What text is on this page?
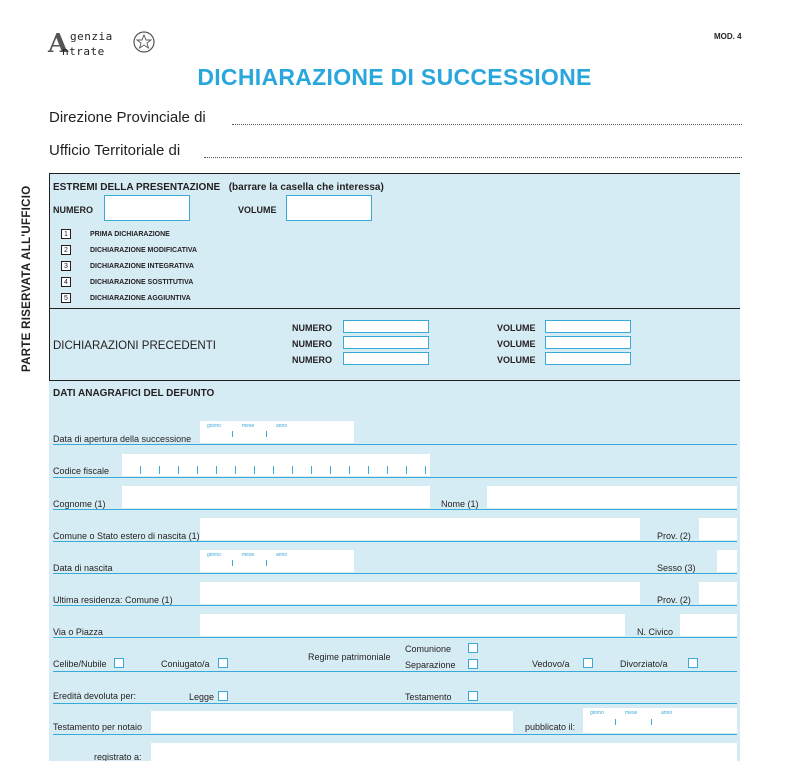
A genzia
ntrate
MOD. 4
DICHIARAZIONE DI SUCCESSIONE
Direzione Provinciale di
Ufficio Territoriale di
PARTE RISERVATA ALL'UFFICIO ESTREMI DELLA PRESENTAZIONE (barrare la casella che interessa)
NUMERO	VOLUME
1	PRIMA DICHIARAZIONE
2	DICHIARAZIONE MODIFICATIVA
3	DICHIARAZIONE INTEGRATIVA
4	DICHIARAZIONE SOSTITUTIVA
5	DICHIARAZIONE AGGIUNTIVA
DICHIARAZIONI PRECEDENTI
NUMERO	VOLUME
NUMERO	VOLUME
NUMERO	VOLUME
DATI ANAGRAFICI DEL DEFUNTO
Data di apertura della successione
giorno	mese	anno
Codice fiscale
Cognome (1)	Nome (1)
Comune o Stato estero di nascita (1)	Prov. (2)
Data di nascita
giorno	mese	anno
Sesso (3)
Ultima residenza: Comune (1)	Prov. (2)
Via o Piazza	N. Civico
Celibe/Nubile	Coniugato/a
Regime patrimoniale
Comunione
Separazione	Vedovo/a	Divorziato/a
Eredità devoluta per:	Legge	Testamento
Testamento per notaio	pubblicato il:
giorno	mese	anno
registrato a:
